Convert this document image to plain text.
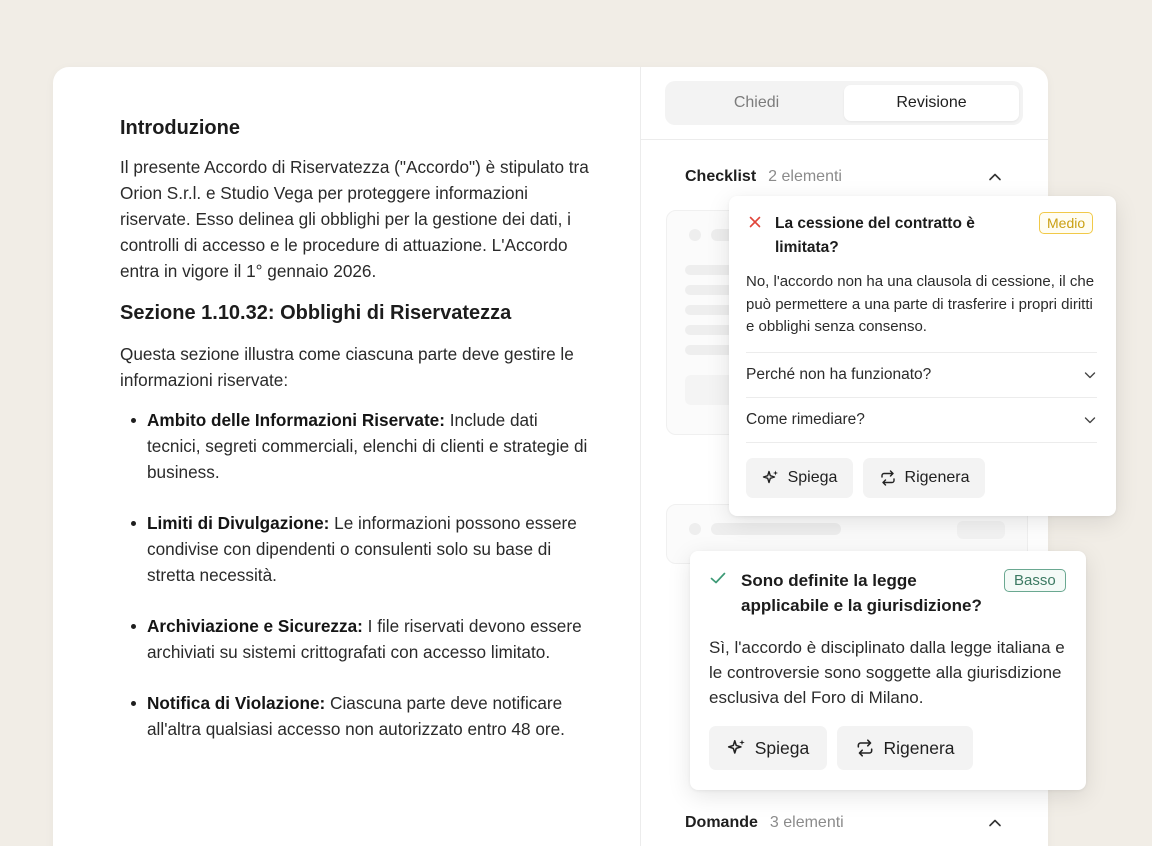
Introduzione

Il presente Accordo di Riservatezza ("Accordo") è stipulato tra Orion S.r.l. e Studio Vega per proteggere informazioni riservate. Esso delinea gli obblighi per la gestione dei dati, i controlli di accesso e le procedure di attuazione. L'Accordo entra in vigore il 1° gennaio 2026.

Sezione 1.10.32: Obblighi di Riservatezza

Questa sezione illustra come ciascuna parte deve gestire le informazioni riservate:

Ambito delle Informazioni Riservate: Include dati tecnici, segreti commerciali, elenchi di clienti e strategie di business.
Limiti di Divulgazione: Le informazioni possono essere condivise con dipendenti o consulenti solo su base di stretta necessità.
Archiviazione e Sicurezza: I file riservati devono essere archiviati su sistemi crittografati con accesso limitato.
Notifica di Violazione: Ciascuna parte deve notificare all'altra qualsiasi accesso non autorizzato entro 48 ore.
Chiedi	Revisione
Checklist 2 elementi
Domande 3 elementi
La cessione del contratto è limitata?
Medio
No, l'accordo non ha una clausola di cessione, il che può permettere a una parte di trasferire i propri diritti e obblighi senza consenso.
Perché non ha funzionato?
Come rimediare?
Spiega	Rigenera
Sono definite la legge applicabile e la giurisdizione?
Basso
Sì, l'accordo è disciplinato dalla legge italiana e le controversie sono soggette alla giurisdizione esclusiva del Foro di Milano.
Spiega	Rigenera
